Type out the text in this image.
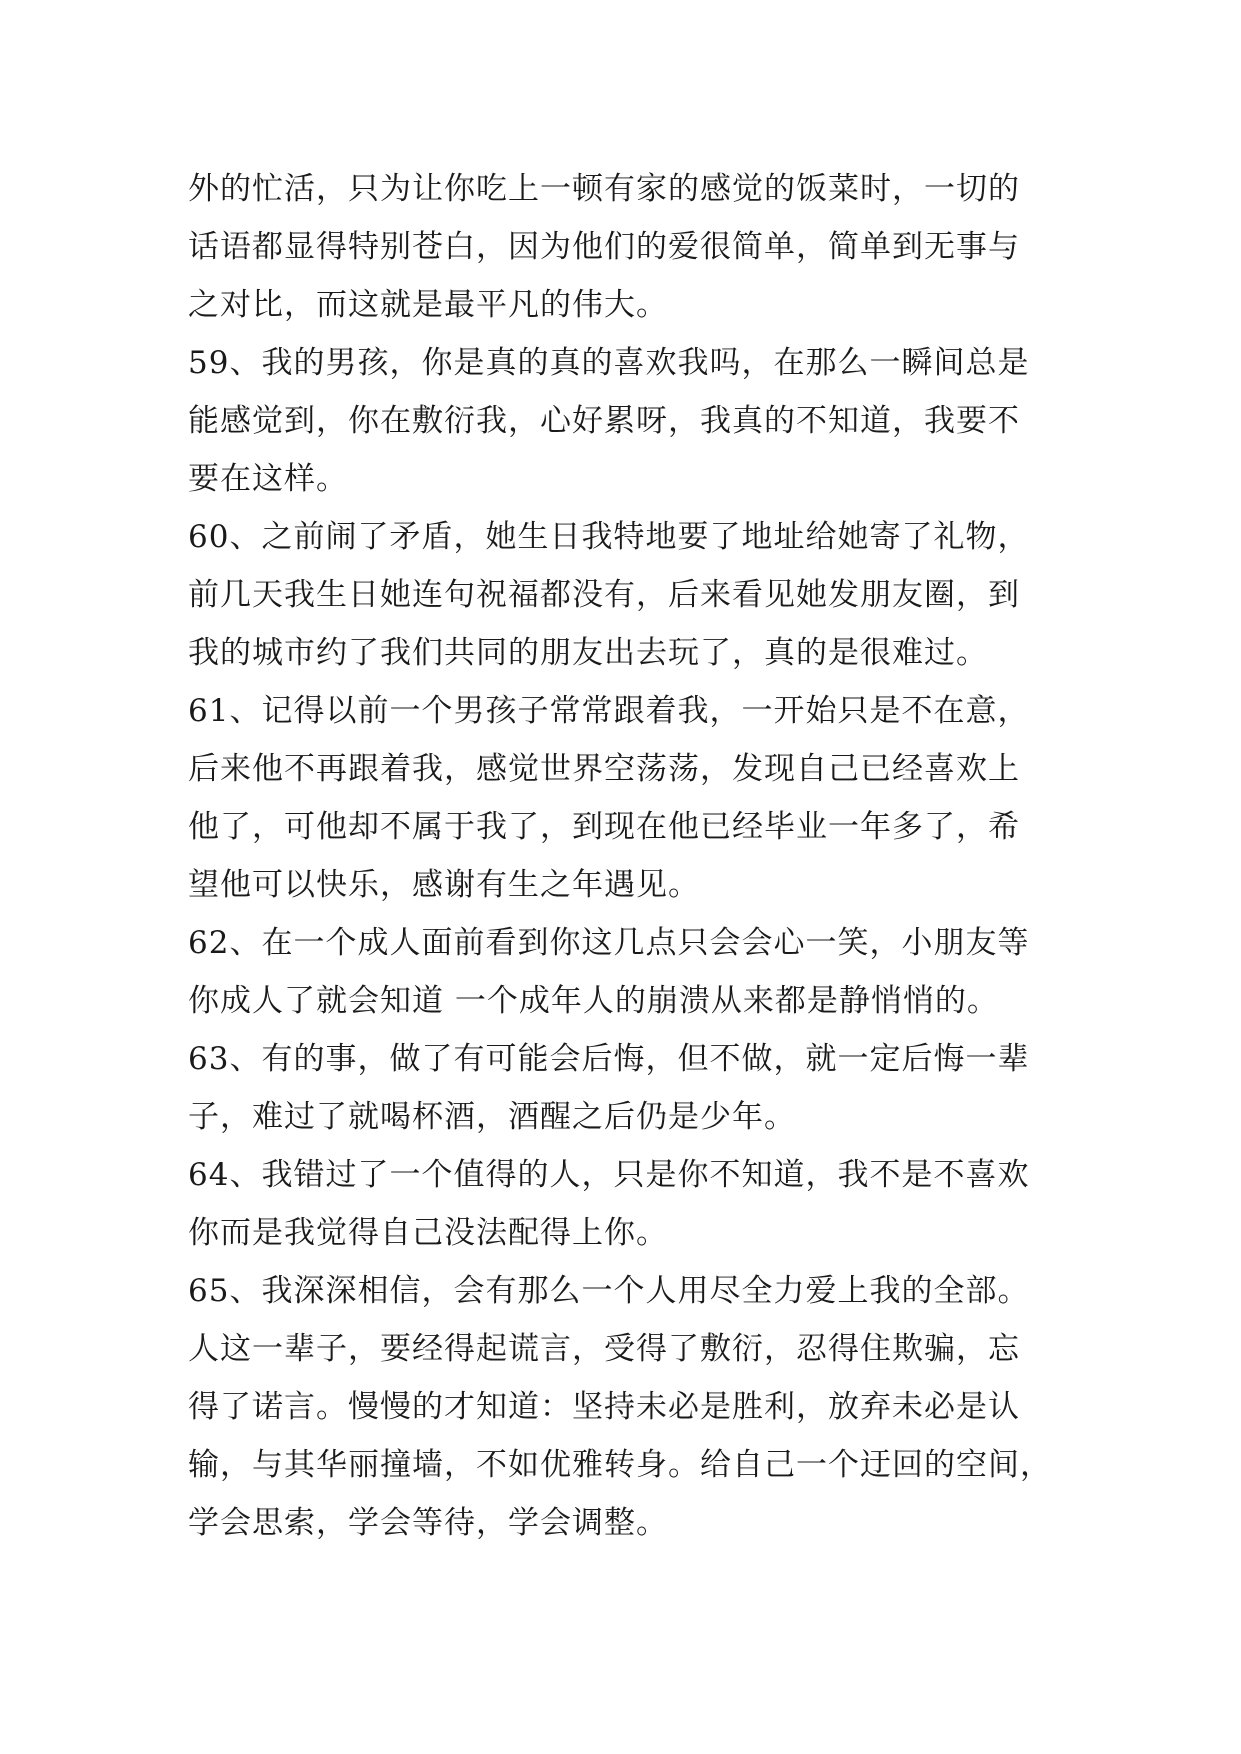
外的忙活，只为让你吃上一顿有家的感觉的饭菜时，一切的
话语都显得特别苍白，因为他们的爱很简单，简单到无事与
之对比，而这就是最平凡的伟大。
59、我的男孩，你是真的真的喜欢我吗，在那么一瞬间总是
能感觉到，你在敷衍我，心好累呀，我真的不知道，我要不
要在这样。
60、之前闹了矛盾，她生日我特地要了地址给她寄了礼物，
前几天我生日她连句祝福都没有，后来看见她发朋友圈，到
我的城市约了我们共同的朋友出去玩了，真的是很难过。
61、记得以前一个男孩子常常跟着我，一开始只是不在意，
后来他不再跟着我，感觉世界空荡荡，发现自己已经喜欢上
他了，可他却不属于我了，到现在他已经毕业一年多了，希
望他可以快乐，感谢有生之年遇见。
62、在一个成人面前看到你这几点只会会心一笑，小朋友等
你成人了就会知道 一个成年人的崩溃从来都是静悄悄的。
63、有的事，做了有可能会后悔，但不做，就一定后悔一辈
子，难过了就喝杯酒，酒醒之后仍是少年。
64、我错过了一个值得的人，只是你不知道，我不是不喜欢
你而是我觉得自己没法配得上你。
65、我深深相信，会有那么一个人用尽全力爱上我的全部。
人这一辈子，要经得起谎言，受得了敷衍，忍得住欺骗，忘
得了诺言。慢慢的才知道：坚持未必是胜利，放弃未必是认
输，与其华丽撞墙，不如优雅转身。给自己一个迂回的空间，
学会思索，学会等待，学会调整。
